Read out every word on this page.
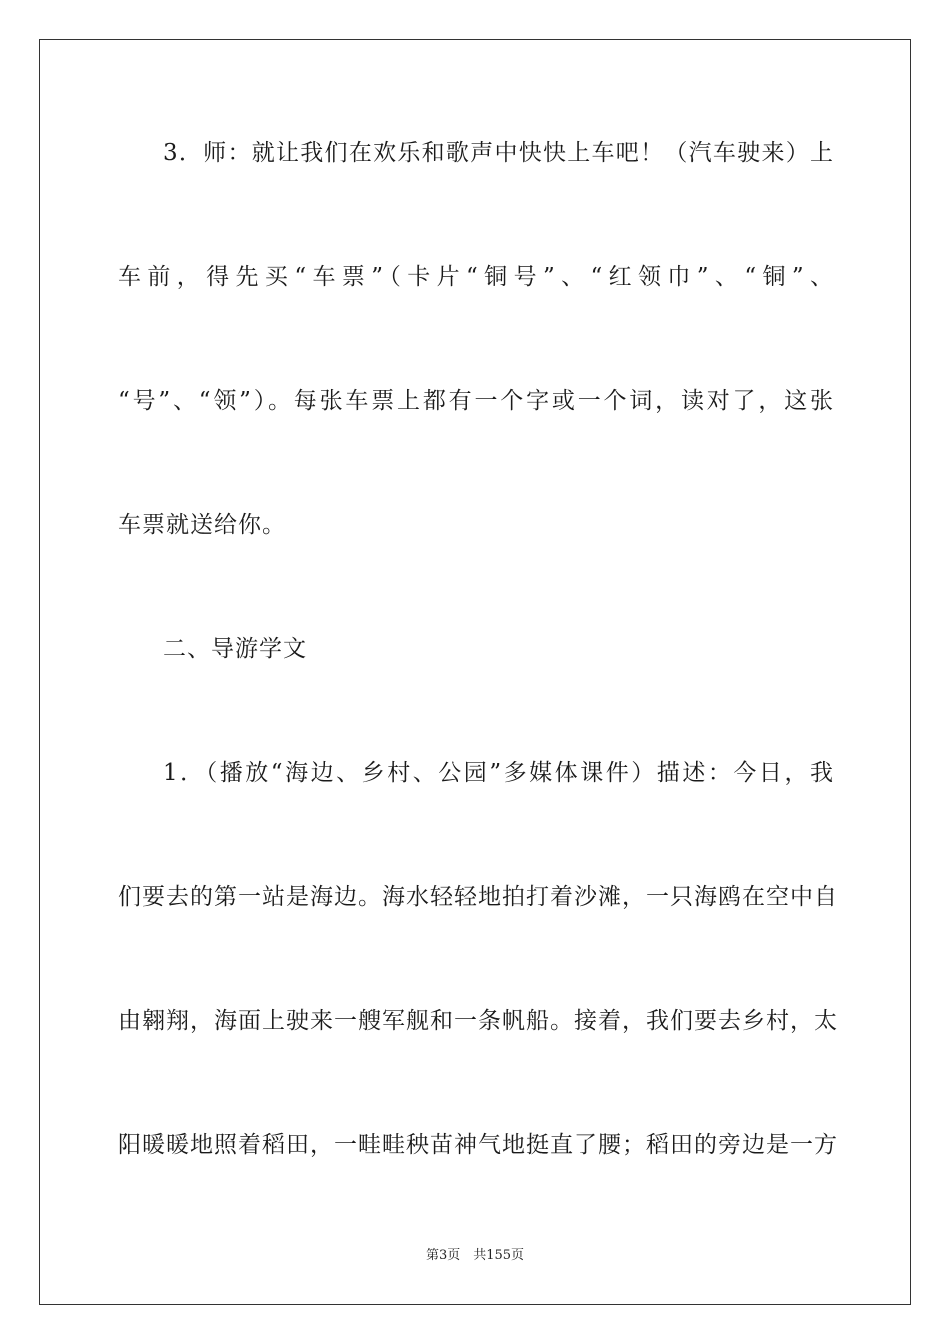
3．师：就让我们在欢乐和歌声中快快上车吧！（汽车驶来）上
车前，得先买“车票”（卡片“铜号”、“红领巾”、“铜”、
“号”、“领”）。每张车票上都有一个字或一个词，读对了，这张
车票就送给你。
二、导游学文
1．（播放“海边、乡村、公园”多媒体课件）描述：今日，我
们要去的第一站是海边。海水轻轻地拍打着沙滩，一只海鸥在空中自
由翱翔，海面上驶来一艘军舰和一条帆船。接着，我们要去乡村，太
阳暖暖地照着稻田，一畦畦秧苗神气地挺直了腰；稻田的旁边是一方
第3页　共155页
